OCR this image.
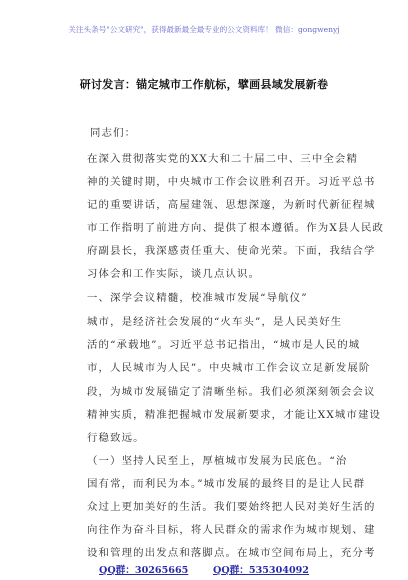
关注头条号"公文研究"，获得最新最全最专业的公文资料库！ 微信：gongwenyj
研讨发言：锚定城市工作航标，擘画县域发展新卷
同志们：
在深入贯彻落实党的XX大和二十届二中、三中全会精
神的关键时期，中央城市工作会议胜利召开。习近平总书
记的重要讲话，高屋建瓴、思想深邃，为新时代新征程城
市工作指明了前进方向、提供了根本遵循。作为X县人民政
府副县长，我深感责任重大、使命光荣。下面，我结合学
习体会和工作实际，谈几点认识。
一、深学会议精髓，校准城市发展“导航仪”
城市，是经济社会发展的“火车头”，是人民美好生
活的“承载地”。习近平总书记指出，“城市是人民的城
市，人民城市为人民”。中央城市工作会议立足新发展阶
段，为城市发展锚定了清晰坐标。我们必须深刻领会会议
精神实质，精准把握城市发展新要求，才能让XX城市建设
行稳致远。
（一）坚持人民至上，厚植城市发展为民底色。“治
国有常，而利民为本。”城市发展的最终目的是让人民群
众过上更加美好的生活。我们要始终把人民对美好生活的
向往作为奋斗目标，将人民群众的需求作为城市规划、建
设和管理的出发点和落脚点。在城市空间布局上，充分考
QQ群：30265665	QQ群：535304092
